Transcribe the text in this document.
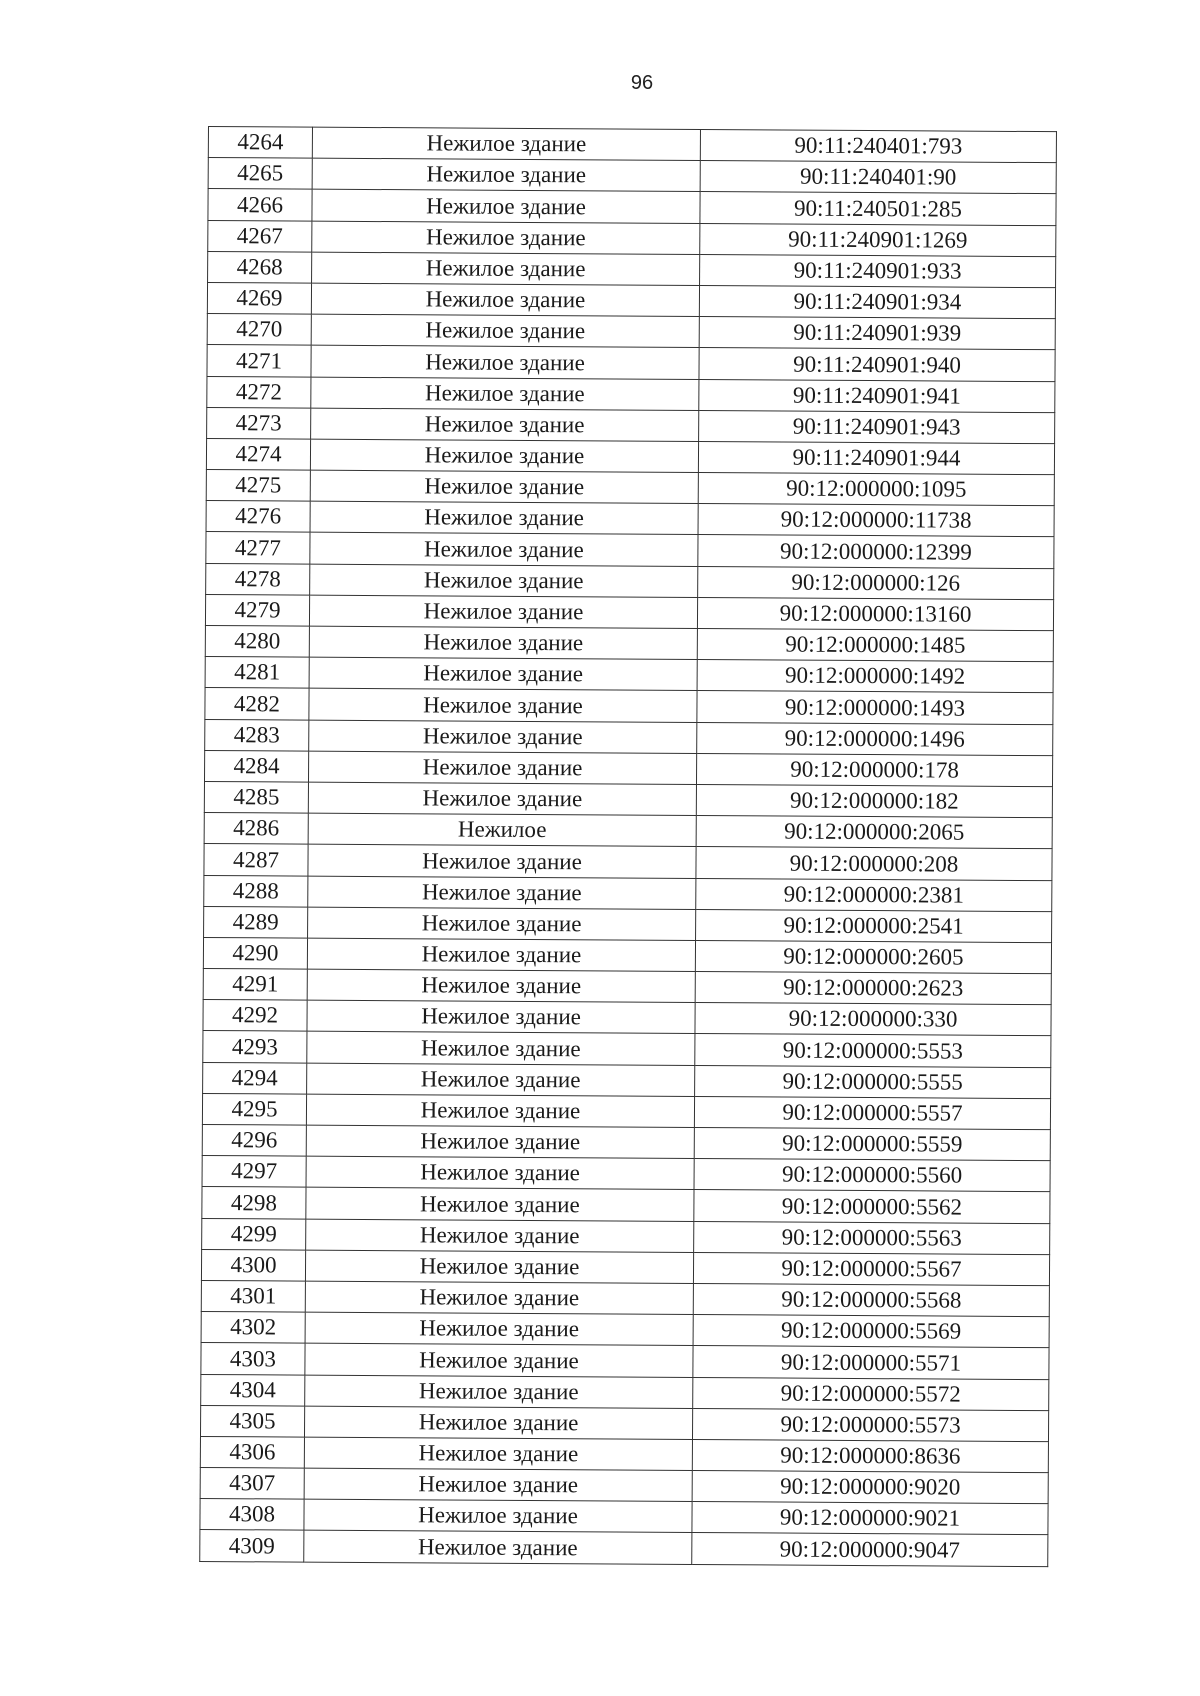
96
4264	Нежилое здание	90:11:240401:793
4265	Нежилое здание	90:11:240401:90
4266	Нежилое здание	90:11:240501:285
4267	Нежилое здание	90:11:240901:1269
4268	Нежилое здание	90:11:240901:933
4269	Нежилое здание	90:11:240901:934
4270	Нежилое здание	90:11:240901:939
4271	Нежилое здание	90:11:240901:940
4272	Нежилое здание	90:11:240901:941
4273	Нежилое здание	90:11:240901:943
4274	Нежилое здание	90:11:240901:944
4275	Нежилое здание	90:12:000000:1095
4276	Нежилое здание	90:12:000000:11738
4277	Нежилое здание	90:12:000000:12399
4278	Нежилое здание	90:12:000000:126
4279	Нежилое здание	90:12:000000:13160
4280	Нежилое здание	90:12:000000:1485
4281	Нежилое здание	90:12:000000:1492
4282	Нежилое здание	90:12:000000:1493
4283	Нежилое здание	90:12:000000:1496
4284	Нежилое здание	90:12:000000:178
4285	Нежилое здание	90:12:000000:182
4286	Нежилое	90:12:000000:2065
4287	Нежилое здание	90:12:000000:208
4288	Нежилое здание	90:12:000000:2381
4289	Нежилое здание	90:12:000000:2541
4290	Нежилое здание	90:12:000000:2605
4291	Нежилое здание	90:12:000000:2623
4292	Нежилое здание	90:12:000000:330
4293	Нежилое здание	90:12:000000:5553
4294	Нежилое здание	90:12:000000:5555
4295	Нежилое здание	90:12:000000:5557
4296	Нежилое здание	90:12:000000:5559
4297	Нежилое здание	90:12:000000:5560
4298	Нежилое здание	90:12:000000:5562
4299	Нежилое здание	90:12:000000:5563
4300	Нежилое здание	90:12:000000:5567
4301	Нежилое здание	90:12:000000:5568
4302	Нежилое здание	90:12:000000:5569
4303	Нежилое здание	90:12:000000:5571
4304	Нежилое здание	90:12:000000:5572
4305	Нежилое здание	90:12:000000:5573
4306	Нежилое здание	90:12:000000:8636
4307	Нежилое здание	90:12:000000:9020
4308	Нежилое здание	90:12:000000:9021
4309	Нежилое здание	90:12:000000:9047
